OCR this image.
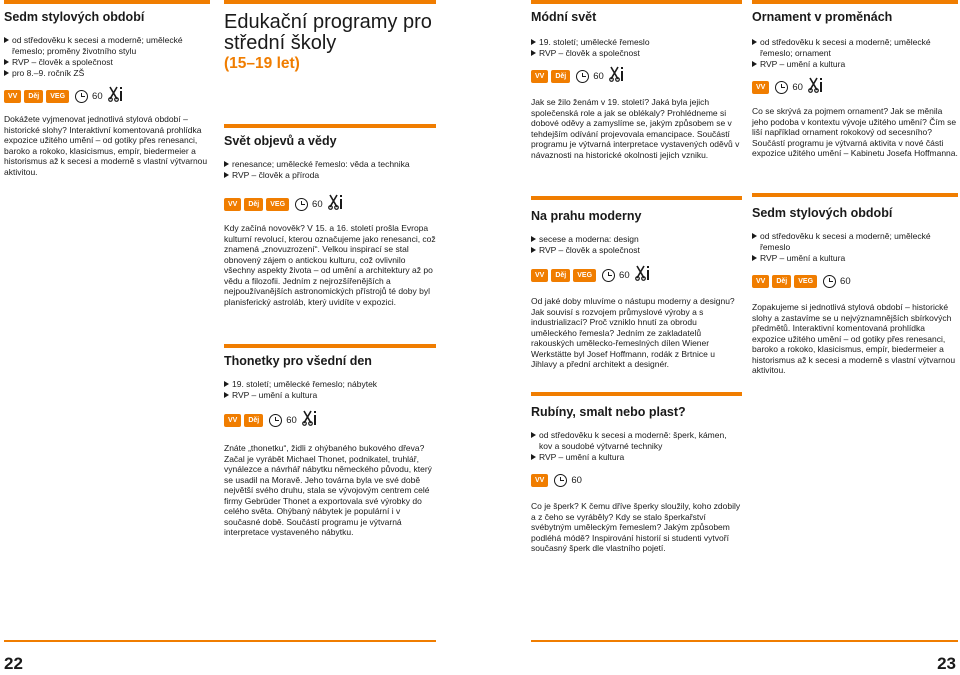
Sedm stylových období
od středověku k secesi a moderně; umělecké řemeslo; proměny životního stylu
RVP – člověk a společnost
pro 8.–9. ročník ZŠ
VV	Děj	VEG	60

Dokážete vyjmenovat jednotlivá stylová období – historické slohy? Interaktivní komentovaná prohlídka expozice užitého umění – od gotiky přes renesanci, baroko a rokoko, klasicismus, empír, biedermeier a historismus až k secesi a moderně s vlastní výtvarnou aktivitou.

Edukační programy pro střední školy
(15–19 let)
Svět objevů a vědy
renesance; umělecké řemeslo: věda a technika
RVP – člověk a příroda
VV	Děj	VEG	60

Kdy začíná novověk? V 15. a 16. století prošla Evropa kulturní revolucí, kterou označujeme jako renesanci, což znamená „znovuzrození“. Velkou inspirací se stal obnovený zájem o antickou kulturu, což ovlivnilo všechny aspekty života – od umění a architektury až po vědu a filozofii. Jedním z nejrozšířenějších a nejpoužívanějších astronomických přístrojů té doby byl planisferický astroláb, který uvidíte v expozici.

Thonetky pro všední den
19. století; umělecké řemeslo; nábytek
RVP – umění a kultura
VV	Děj	60

Znáte „thonetku“, židli z ohýbaného bukového dřeva? Začal je vyrábět Michael Thonet, podnikatel, truhlář, vynálezce a návrhář nábytku německého původu, který se usadil na Moravě. Jeho továrna byla ve své době největší svého druhu, stala se vývojovým centrem celé firmy Gebrüder Thonet a exportovala své výrobky do celého světa. Ohýbaný nábytek je populární i v současné době. Součástí programu je výtvarná interpretace vystaveného nábytku.

Módní svět
19. století; umělecké řemeslo
RVP – člověk a společnost
VV	Děj	60

Jak se žilo ženám v 19. století? Jaká byla jejich společenská role a jak se oblékaly? Prohlédneme si dobové oděvy a zamyslíme se, jakým způsobem se v tehdejším odívání projevovala emancipace. Součástí programu je výtvarná interpretace vystavených oděvů v návaznosti na historické okolnosti jejich vzniku.

Na prahu moderny
secese a moderna: design
RVP – člověk a společnost
VV	Děj	VEG	60

Od jaké doby mluvíme o nástupu moderny a designu? Jak souvisí s rozvojem průmyslové výroby a s industrializací? Proč vzniklo hnutí za obrodu uměleckého řemesla? Jedním ze zakladatelů rakouských umělecko-řemeslných dílen Wiener Werkstätte byl Josef Hoffmann, rodák z Brtnice u Jihlavy a přední architekt a designér.

Rubíny, smalt nebo plast?
od středověku k secesi a moderně: šperk, kámen, kov a soudobé výtvarné techniky
RVP – umění a kultura
VV	60

Co je šperk? K čemu dříve šperky sloužily, koho zdobily a z čeho se vyráběly? Kdy se stalo šperkařství svébytným uměleckým řemeslem? Jakým způsobem podléhá módě? Inspirování historií si studenti vytvoří současný šperk dle vlastního pojetí.

Ornament v proměnách
od středověku k secesi a moderně; umělecké řemeslo; ornament
RVP – umění a kultura
VV	60

Co se skrývá za pojmem ornament? Jak se měnila jeho podoba v kontextu vývoje užitého umění? Čím se liší například ornament rokokový od secesního? Součástí programu je výtvarná aktivita v nové části expozice užitého umění – Kabinetu Josefa Hoffmanna.

Sedm stylových období
od středověku k secesi a moderně; umělecké řemeslo
RVP – umění a kultura
VV	Děj	VEG	60

Zopakujeme si jednotlivá stylová období – historické slohy a zastavíme se u nejvýznamnějších sbírkových předmětů. Interaktivní komentovaná prohlídka expozice užitého umění – od gotiky přes renesanci, baroko a rokoko, klasicismus, empír, biedermeier a historismus až k secesi a moderně s vlastní výtvarnou aktivitou.

22	23
